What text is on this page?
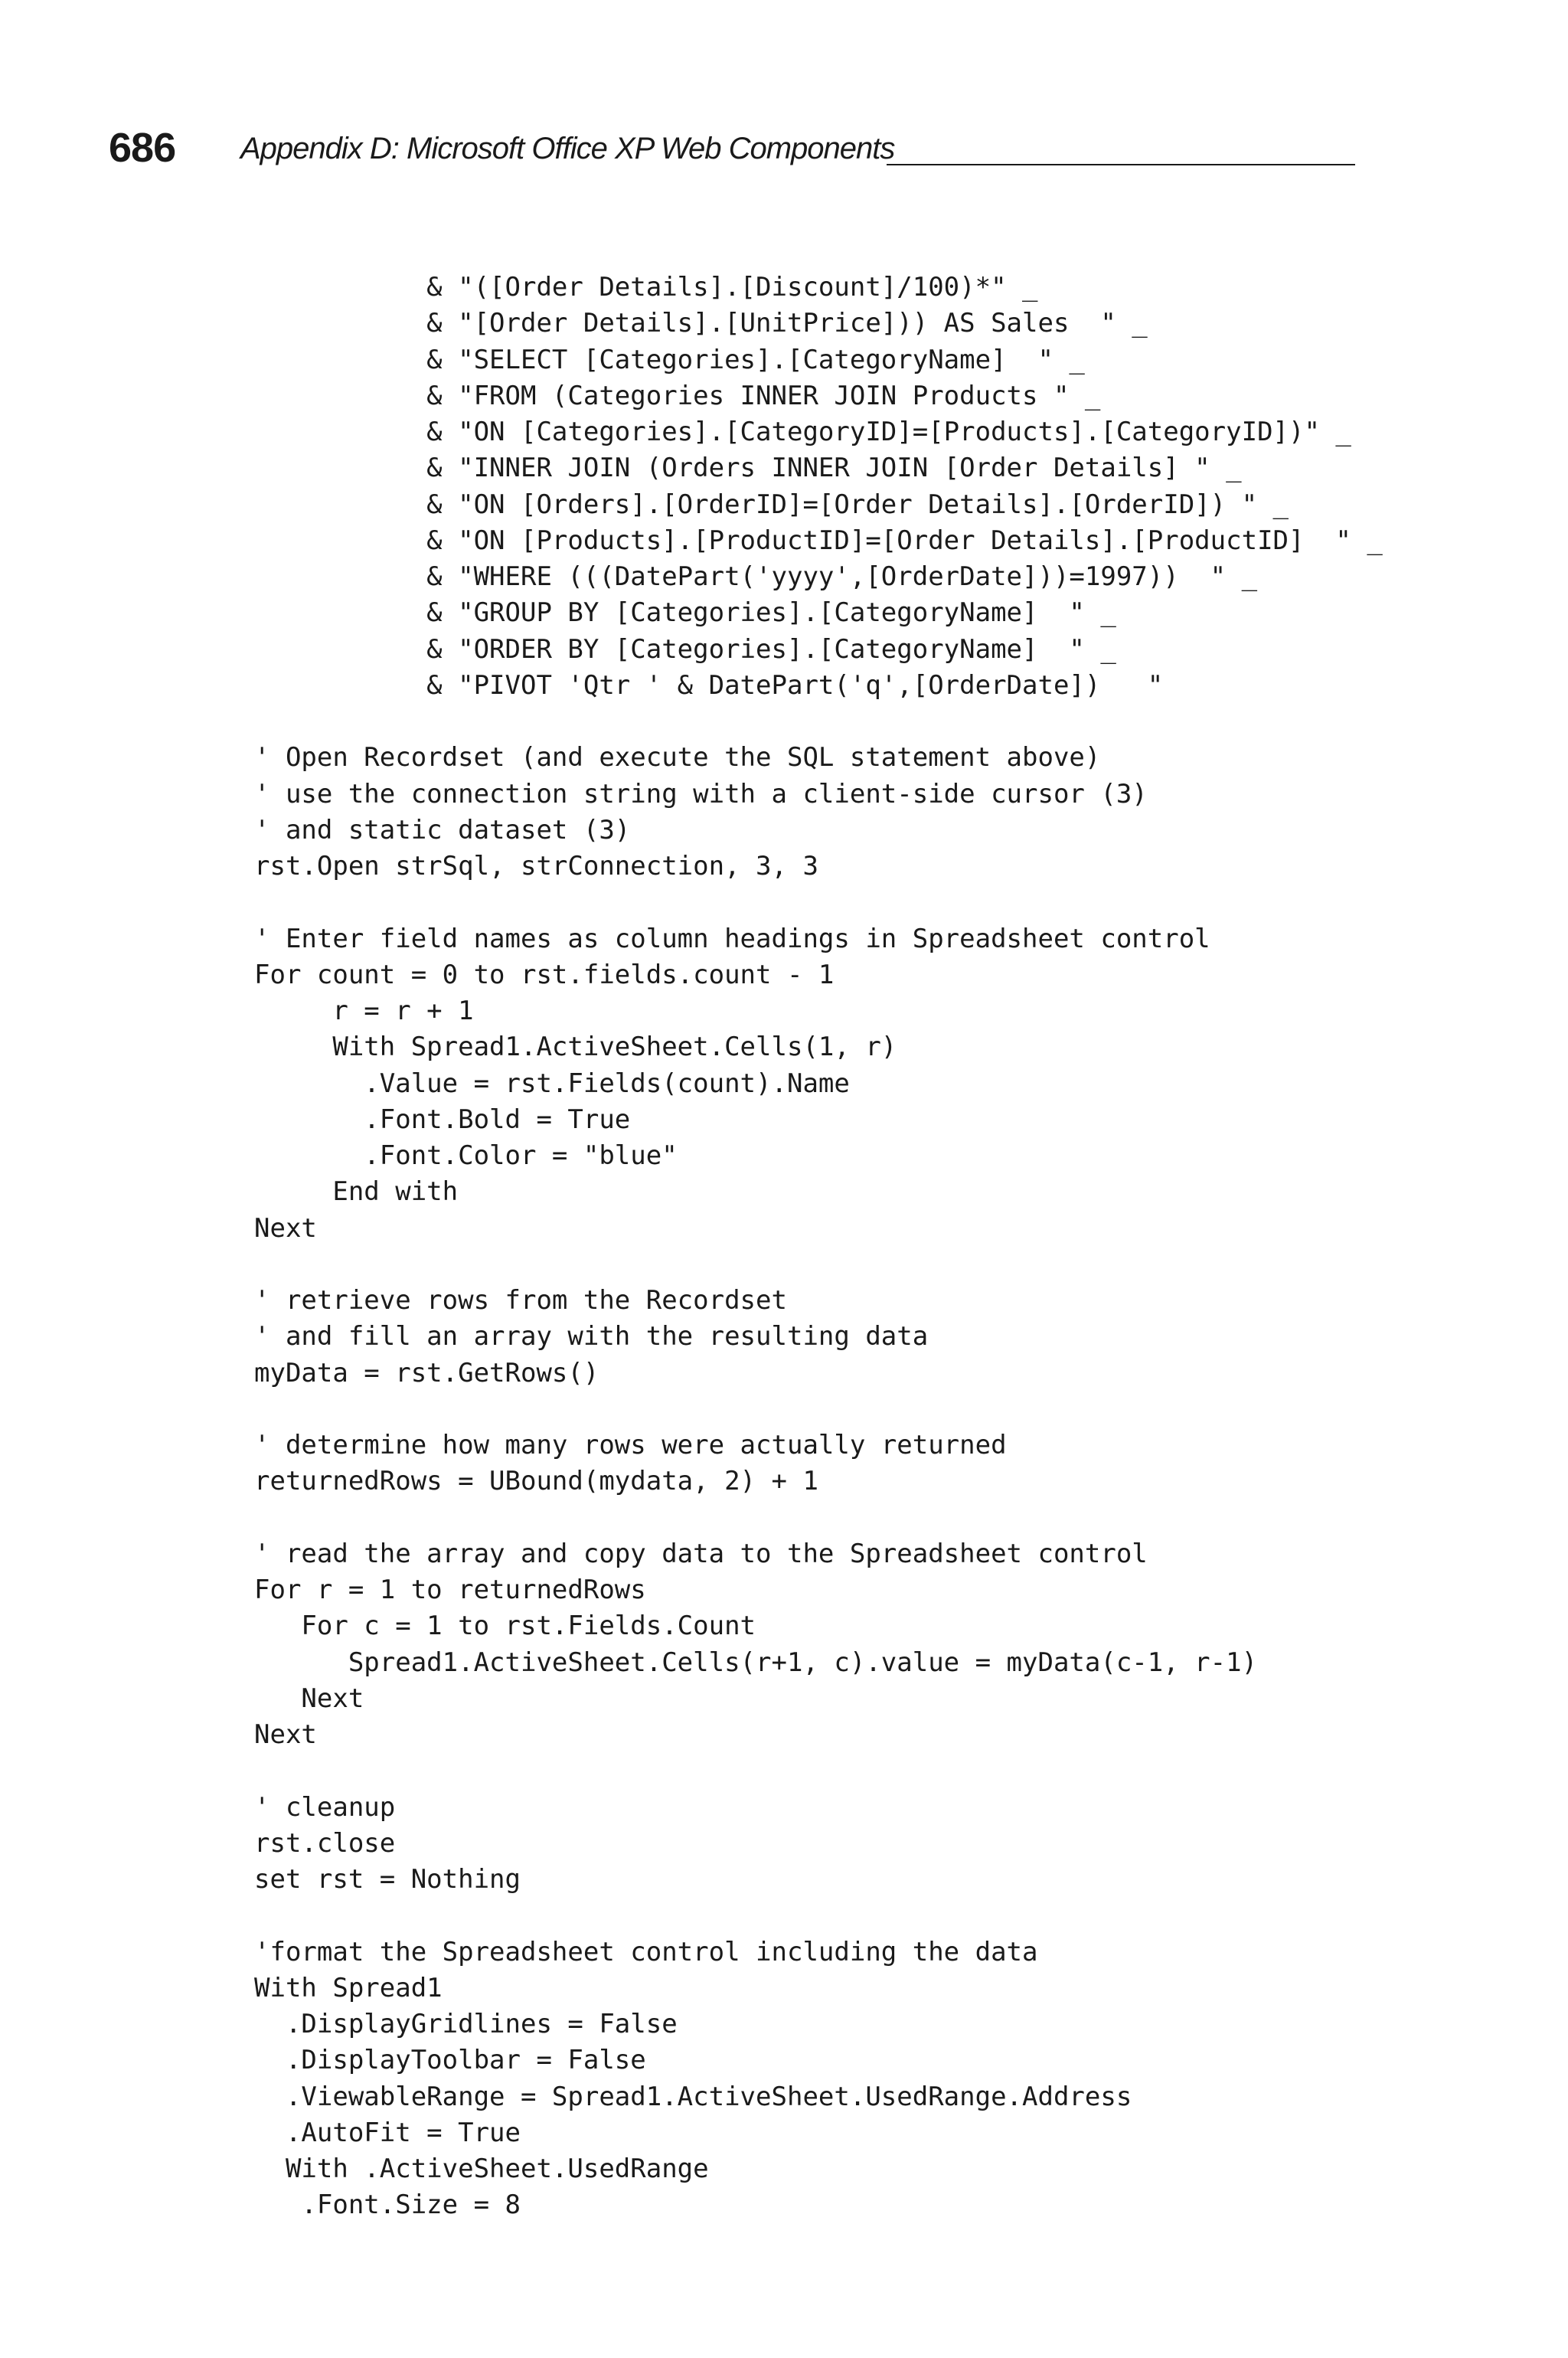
686 Appendix D: Microsoft Office XP Web Components
& "([Order Details].[Discount]/100)*" _
& "[Order Details].[UnitPrice])) AS Sales  " _
& "SELECT [Categories].[CategoryName]  " _
& "FROM (Categories INNER JOIN Products " _
& "ON [Categories].[CategoryID]=[Products].[CategoryID])" _
& "INNER JOIN (Orders INNER JOIN [Order Details] " _
& "ON [Orders].[OrderID]=[Order Details].[OrderID]) " _
& "ON [Products].[ProductID]=[Order Details].[ProductID]  " _
& "WHERE (((DatePart('yyyy',[OrderDate]))=1997))  " _
& "GROUP BY [Categories].[CategoryName]  " _
& "ORDER BY [Categories].[CategoryName]  " _
& "PIVOT 'Qtr ' & DatePart('q',[OrderDate])   "
' Open Recordset (and execute the SQL statement above)
' use the connection string with a client-side cursor (3)
' and static dataset (3)
rst.Open strSql, strConnection, 3, 3
' Enter field names as column headings in Spreadsheet control
For count = 0 to rst.fields.count - 1
r = r + 1
With Spread1.ActiveSheet.Cells(1, r)
.Value = rst.Fields(count).Name
.Font.Bold = True
.Font.Color = "blue"
End with
Next
' retrieve rows from the Recordset
' and fill an array with the resulting data
myData = rst.GetRows()
' determine how many rows were actually returned
returnedRows = UBound(mydata, 2) + 1
' read the array and copy data to the Spreadsheet control
For r = 1 to returnedRows
For c = 1 to rst.Fields.Count
Spread1.ActiveSheet.Cells(r+1, c).value = myData(c-1, r-1)
Next
Next
' cleanup
rst.close
set rst = Nothing
'format the Spreadsheet control including the data
With Spread1
.DisplayGridlines = False
.DisplayToolbar = False
.ViewableRange = Spread1.ActiveSheet.UsedRange.Address
.AutoFit = True
With .ActiveSheet.UsedRange
.Font.Size = 8
